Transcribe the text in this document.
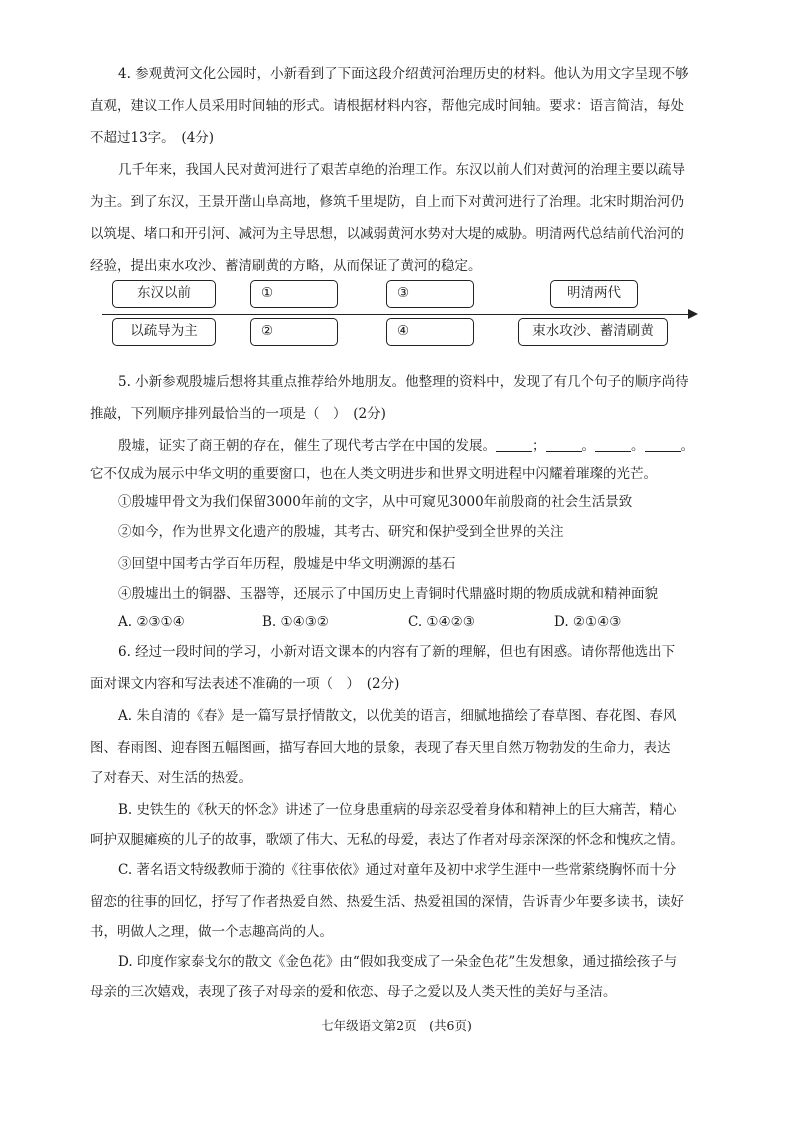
4. 参观黄河文化公园时，小新看到了下面这段介绍黄河治理历史的材料。他认为用文字呈现不够
直观，建议工作人员采用时间轴的形式。请根据材料内容，帮他完成时间轴。要求：语言简洁，每处
不超过13字。　(4分)
几千年来，我国人民对黄河进行了艰苦卓绝的治理工作。东汉以前人们对黄河的治理主要以疏导
为主。到了东汉，王景开凿山阜高地，修筑千里堤防，自上而下对黄河进行了治理。北宋时期治河仍
以筑堤、堵口和开引河、减河为主导思想，以减弱黄河水势对大堤的威胁。明清两代总结前代治河的
经验，提出束水攻沙、蓄清刷黄的方略，从而保证了黄河的稳定。
东汉以前	①	③	明清两代
以疏导为主	②	④	束水攻沙、蓄清刷黄
5. 小新参观殷墟后想将其重点推荐给外地朋友。他整理的资料中，发现了有几个句子的顺序尚待
推敲，下列顺序排列最恰当的一项是（　）　(2分)
殷墟，证实了商王朝的存在，催生了现代考古学在中国的发展。	；	。	。	。
它不仅成为展示中华文明的重要窗口，也在人类文明进步和世界文明进程中闪耀着璀璨的光芒。
①殷墟甲骨文为我们保留3000年前的文字，从中可窥见3000年前殷商的社会生活景致
②如今，作为世界文化遗产的殷墟，其考古、研究和保护受到全世界的关注
③回望中国考古学百年历程，殷墟是中华文明溯源的基石
④殷墟出土的铜器、玉器等，还展示了中国历史上青铜时代鼎盛时期的物质成就和精神面貌
A. ②③①④	B. ①④③②	C. ①④②③	D. ②①④③
6. 经过一段时间的学习，小新对语文课本的内容有了新的理解，但也有困惑。请你帮他选出下
面对课文内容和写法表述不准确的一项（　）　(2分)
A. 朱自清的《春》是一篇写景抒情散文，以优美的语言，细腻地描绘了春草图、春花图、春风
图、春雨图、迎春图五幅图画，描写春回大地的景象，表现了春天里自然万物勃发的生命力，表达
了对春天、对生活的热爱。
B. 史铁生的《秋天的怀念》讲述了一位身患重病的母亲忍受着身体和精神上的巨大痛苦，精心
呵护双腿瘫痪的儿子的故事，歌颂了伟大、无私的母爱，表达了作者对母亲深深的怀念和愧疚之情。
C. 著名语文特级教师于漪的《往事依依》通过对童年及初中求学生涯中一些常萦绕胸怀而十分
留恋的往事的回忆，抒写了作者热爱自然、热爱生活、热爱祖国的深情，告诉青少年要多读书，读好
书，明做人之理，做一个志趣高尚的人。
D. 印度作家泰戈尔的散文《金色花》由“假如我变成了一朵金色花”生发想象，通过描绘孩子与
母亲的三次嬉戏，表现了孩子对母亲的爱和依恋、母子之爱以及人类天性的美好与圣洁。
七年级语文第2页　(共6页)
